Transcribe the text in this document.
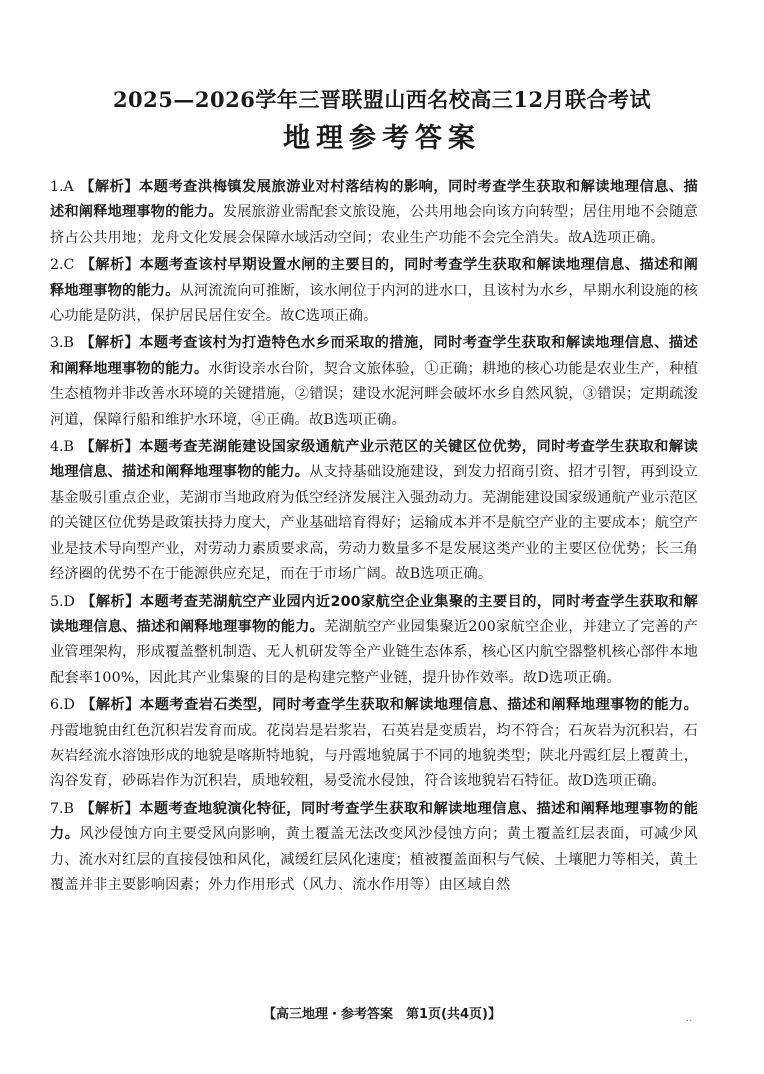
2025—2026学年三晋联盟山西名校高三12月联合考试
地理参考答案
1.A 【解析】本题考查洪梅镇发展旅游业对村落结构的影响，同时考查学生获取和解读地理信息、描述和阐释地理事物的能力。发展旅游业需配套文旅设施，公共用地会向该方向转型；居住用地不会随意挤占公共用地；龙舟文化发展会保障水域活动空间；农业生产功能不会完全消失。故A选项正确。
2.C 【解析】本题考查该村早期设置水闸的主要目的，同时考查学生获取和解读地理信息、描述和阐释地理事物的能力。从河流流向可推断，该水闸位于内河的进水口，且该村为水乡，早期水利设施的核心功能是防洪，保护居民居住安全。故C选项正确。
3.B 【解析】本题考查该村为打造特色水乡而采取的措施，同时考查学生获取和解读地理信息、描述和阐释地理事物的能力。水街设亲水台阶，契合文旅体验，①正确；耕地的核心功能是农业生产，种植生态植物并非改善水环境的关键措施，②错误；建设水泥河畔会破坏水乡自然风貌，③错误；定期疏浚河道，保障行船和维护水环境，④正确。故B选项正确。
4.B 【解析】本题考查芜湖能建设国家级通航产业示范区的关键区位优势，同时考查学生获取和解读地理信息、描述和阐释地理事物的能力。从支持基础设施建设，到发力招商引资、招才引智，再到设立基金吸引重点企业，芜湖市当地政府为低空经济发展注入强劲动力。芜湖能建设国家级通航产业示范区的关键区位优势是政策扶持力度大，产业基础培育得好；运输成本并不是航空产业的主要成本；航空产业是技术导向型产业，对劳动力素质要求高，劳动力数量多不是发展这类产业的主要区位优势；长三角经济圈的优势不在于能源供应充足，而在于市场广阔。故B选项正确。
5.D 【解析】本题考查芜湖航空产业园内近200家航空企业集聚的主要目的，同时考查学生获取和解读地理信息、描述和阐释地理事物的能力。芜湖航空产业园集聚近200家航空企业，并建立了完善的产业管理架构，形成覆盖整机制造、无人机研发等全产业链生态体系，核心区内航空器整机核心部件本地配套率100%，因此其产业集聚的目的是构建完整产业链，提升协作效率。故D选项正确。
6.D 【解析】本题考查岩石类型，同时考查学生获取和解读地理信息、描述和阐释地理事物的能力。丹霞地貌由红色沉积岩发育而成。花岗岩是岩浆岩，石英岩是变质岩，均不符合；石灰岩为沉积岩，石灰岩经流水溶蚀形成的地貌是喀斯特地貌，与丹霞地貌属于不同的地貌类型；陕北丹霞红层上覆黄土，沟谷发育，砂砾岩作为沉积岩，质地较粗，易受流水侵蚀，符合该地貌岩石特征。故D选项正确。
7.B 【解析】本题考查地貌演化特征，同时考查学生获取和解读地理信息、描述和阐释地理事物的能力。风沙侵蚀方向主要受风向影响，黄土覆盖无法改变风沙侵蚀方向；黄土覆盖红层表面，可减少风力、流水对红层的直接侵蚀和风化，减缓红层风化速度；植被覆盖面积与气候、土壤肥力等相关，黄土覆盖并非主要影响因素；外力作用形式（风力、流水作用等）由区域自然
【高三地理・参考答案　第1页(共4页)】	··
